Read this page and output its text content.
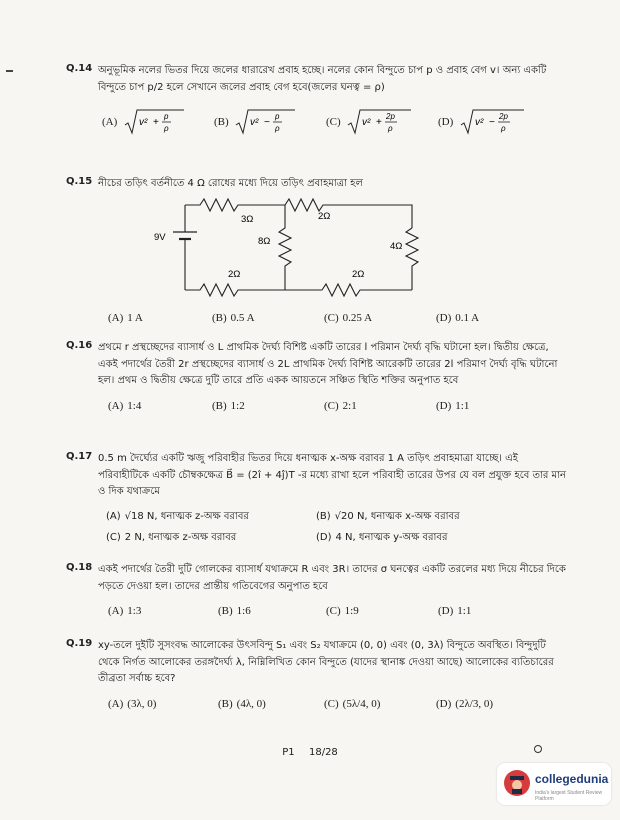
Q.14 অনুভূমিক নলের ভিতর দিয়ে জলের ধারারেখ প্রবাহ হচ্ছে। নলের কোন বিন্দুতে চাপ p ও প্রবাহ বেগ v। অন্য একটি বিন্দুতে চাপ p/2 হলে সেখানে জলের প্রবাহ বেগ হবে(জলের ঘনত্ব = ρ)
(A) v² +
p
ρ
(B) v² −
p
ρ
(C) v² +
2p
ρ
(D) v² −
2p
ρ
Q.15 নীচের তড়িৎ বর্তনীতে 4 Ω রোধের মধ্যে দিয়ে তড়িৎ প্রবাহমাত্রা হল
9V
3Ω	2Ω
8Ω	4Ω
2Ω	2Ω
(A) 1 A	(B) 0.5 A	(C) 0.25 A	(D) 0.1 A
Q.16 প্রথমে r প্রস্থচ্ছেদের ব্যাসার্ধ ও L প্রাথমিক দৈর্ঘ্য বিশিষ্ট একটি তারের l পরিমান দৈর্ঘ্য বৃদ্ধি ঘটানো হল। দ্বিতীয় ক্ষেত্রে, একই পদার্থের তৈরী 2r প্রস্থচ্ছেদের ব্যাসার্ধ ও 2L প্রাথমিক দৈর্ঘ্য বিশিষ্ট আরেকটি তারের 2l পরিমাণ দৈর্ঘ্য বৃদ্ধি ঘটানো হল। প্রথম ও দ্বিতীয় ক্ষেত্রে দুটি তারে প্রতি একক আয়তনে সঞ্চিত স্থিতি শক্তির অনুপাত হবে
(A) 1:4	(B) 1:2	(C) 2:1	(D) 1:1
Q.17 0.5 m দৈর্ঘ্যের একটি ঋজু পরিবাহীর ভিতর দিয়ে ধনাত্মক x-অক্ষ বরাবর 1 A তড়িৎ প্রবাহমাত্রা যাচ্ছে। এই পরিবাহীটিকে একটি চৌম্বকক্ষেত্র B⃗ = (2î + 4ĵ)T -র মধ্যে রাখা হলে পরিবাহী তারের উপর যে বল প্রযুক্ত হবে তার মান ও দিক যথাক্রমে
(A) √18 N, ধনাত্মক z-অক্ষ বরাবর	(B) √20 N, ধনাত্মক x-অক্ষ বরাবর
(C) 2 N, ধনাত্মক z-অক্ষ বরাবর	(D) 4 N, ধনাত্মক y-অক্ষ বরাবর
Q.18 একই পদার্থের তৈরী দুটি গোলকের ব্যাসার্ধ যথাক্রমে R এবং 3R। তাদের σ ঘনত্বের একটি তরলের মধ্য দিয়ে নীচের দিকে পড়তে দেওয়া হল। তাদের প্রান্তীয় গতিবেগের অনুপাত হবে
(A) 1:3	(B) 1:6	(C) 1:9	(D) 1:1
Q.19 xy-তলে দুইটি সুসংবদ্ধ আলোকের উৎসবিন্দু S₁ এবং S₂ যথাক্রমে (0, 0) এবং (0, 3λ) বিন্দুতে অবস্থিত। বিন্দুদুটি থেকে নির্গত আলোকের তরঙ্গদৈর্ঘ্য λ, নিম্নিলিখিত কোন বিন্দুতে (যাদের স্থানাঙ্ক দেওয়া আছে) আলোকের ব্যতিচারের তীব্রতা সর্বাচ্চ হবে?
(A) (3λ, 0)	(B) (4λ, 0)	(C) (5λ/4, 0)	(D) (2λ/3, 0)
P1 18/28
collegedunia
India's largest Student Review Platform
